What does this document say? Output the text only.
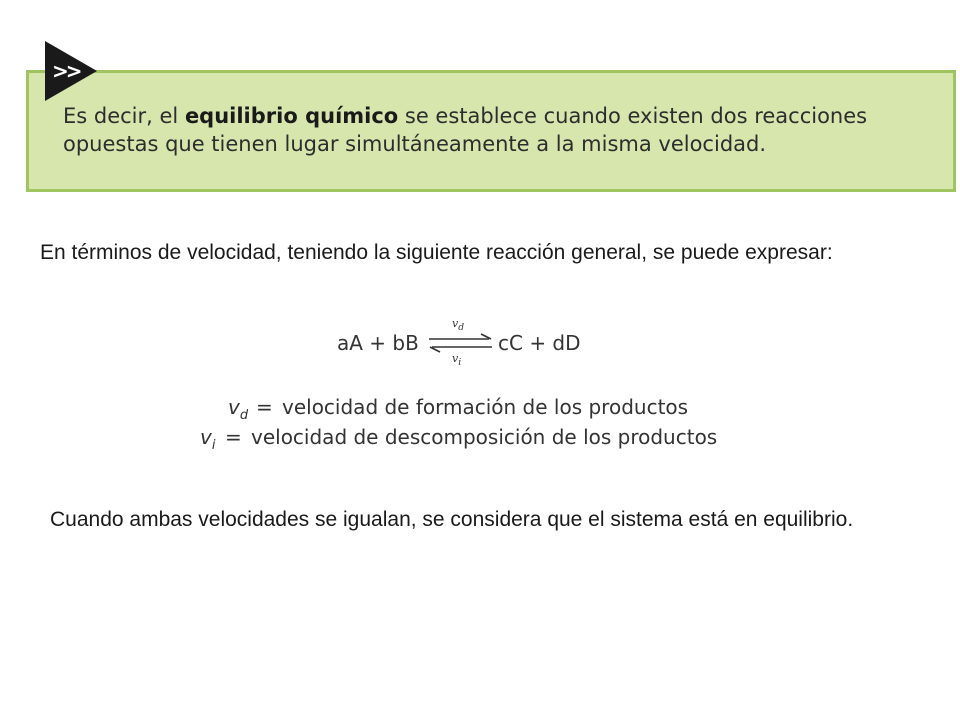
>>
Es decir, el equilibrio químico se establece cuando existen dos reacciones opuestas que tienen lugar simultáneamente a la misma velocidad.
En términos de velocidad, teniendo la siguiente reacción general, se puede expresar:
aA + bB
$v_d$
$v_i$
cC + dD
$v_d$ = velocidad de formación de los productos
$v_i$ = velocidad de descomposición de los productos
Cuando ambas velocidades se igualan, se considera que el sistema está en equilibrio.
